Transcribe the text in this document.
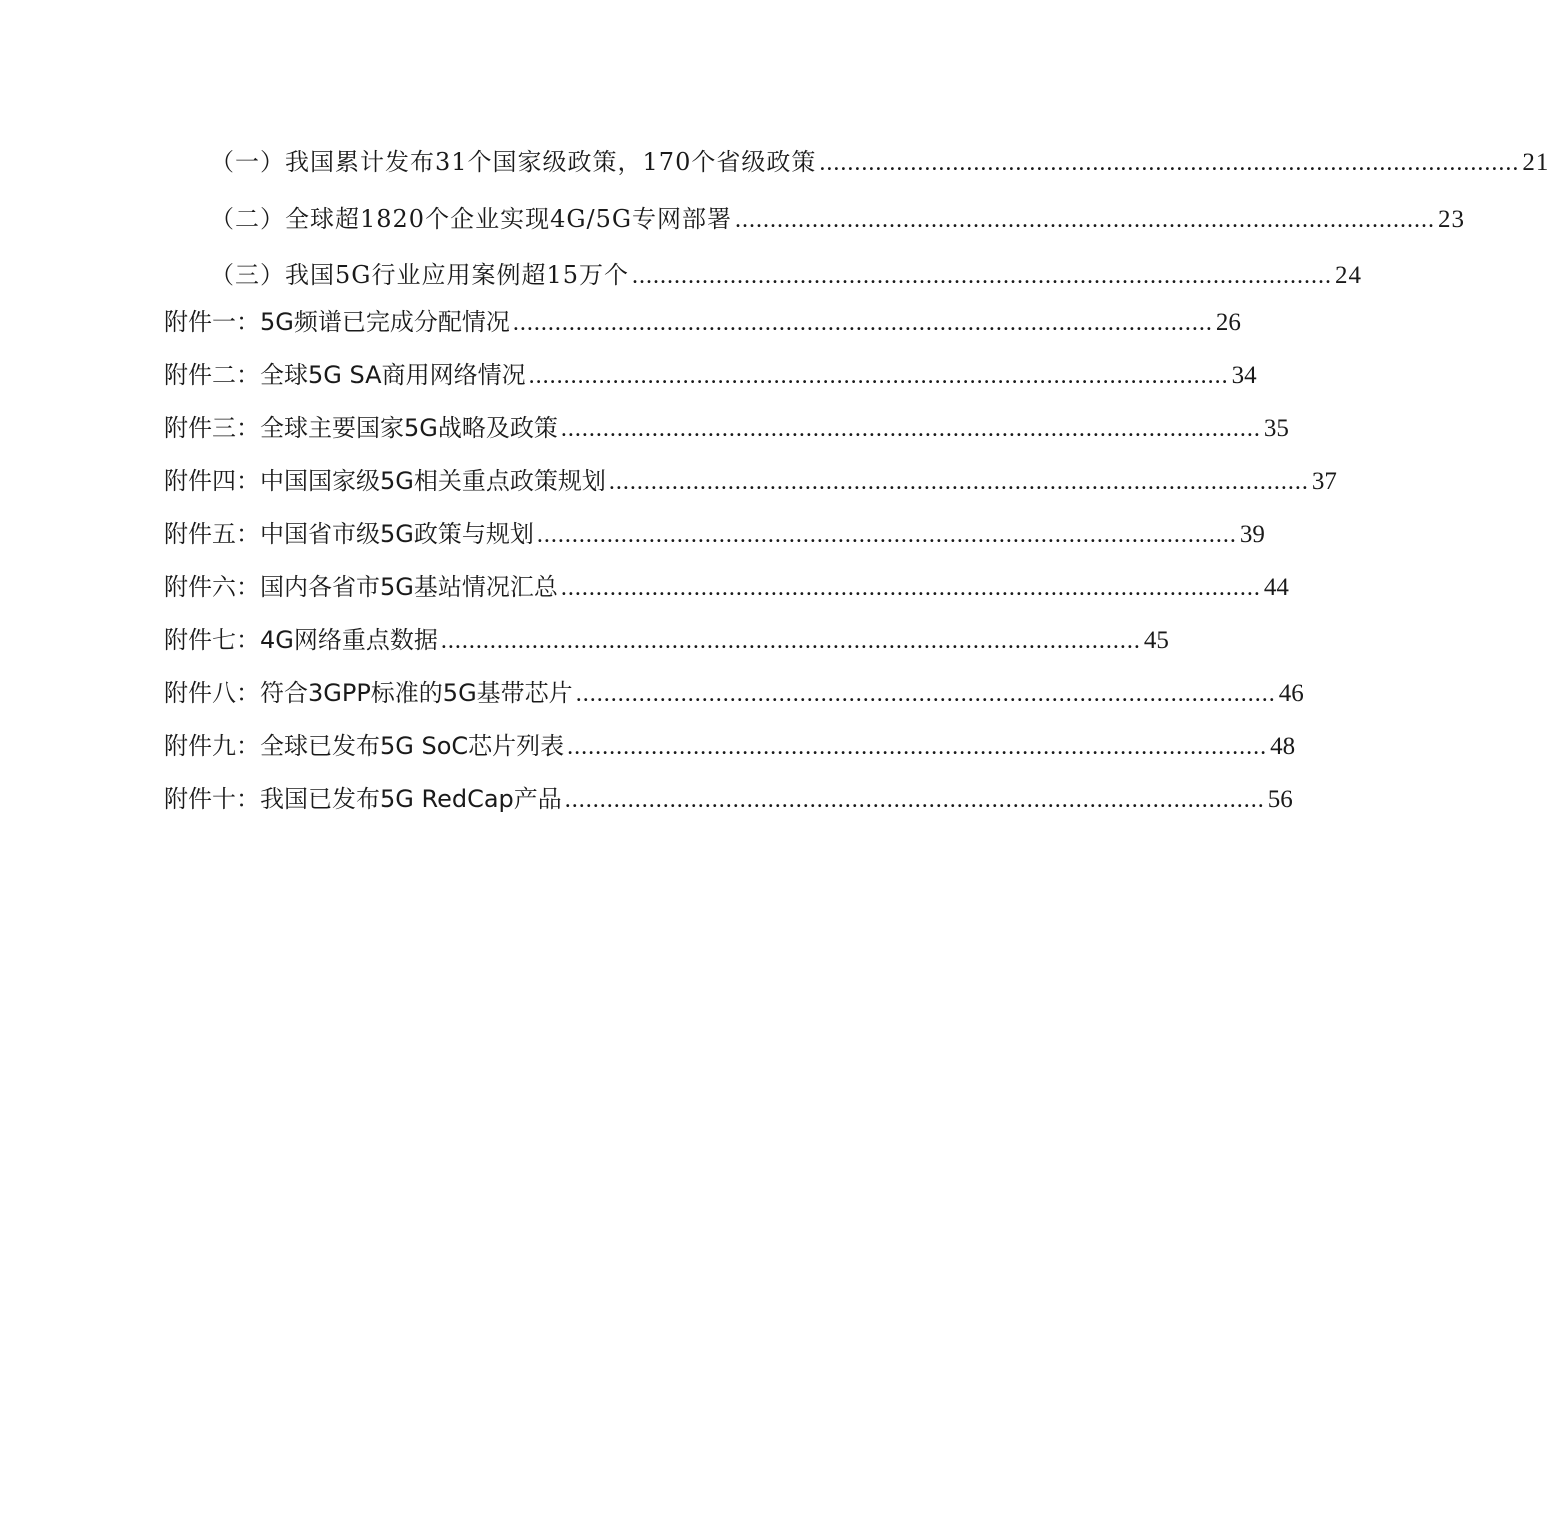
（一）我国累计发布31个国家级政策，170个省级政策 .................................................................................................... 21
（二）全球超1820个企业实现4G/5G专网部署 .................................................................................................... 23
（三）我国5G行业应用案例超15万个 .................................................................................................... 24
附件一：5G频谱已完成分配情况 .................................................................................................... 26
附件二：全球5G SA商用网络情况 .................................................................................................... 34
附件三：全球主要国家5G战略及政策 .................................................................................................... 35
附件四：中国国家级5G相关重点政策规划 .................................................................................................... 37
附件五：中国省市级5G政策与规划 .................................................................................................... 39
附件六：国内各省市5G基站情况汇总 .................................................................................................... 44
附件七：4G网络重点数据 .................................................................................................... 45
附件八：符合3GPP标准的5G基带芯片 .................................................................................................... 46
附件九：全球已发布5G SoC芯片列表 .................................................................................................... 48
附件十：我国已发布5G RedCap产品 .................................................................................................... 56
